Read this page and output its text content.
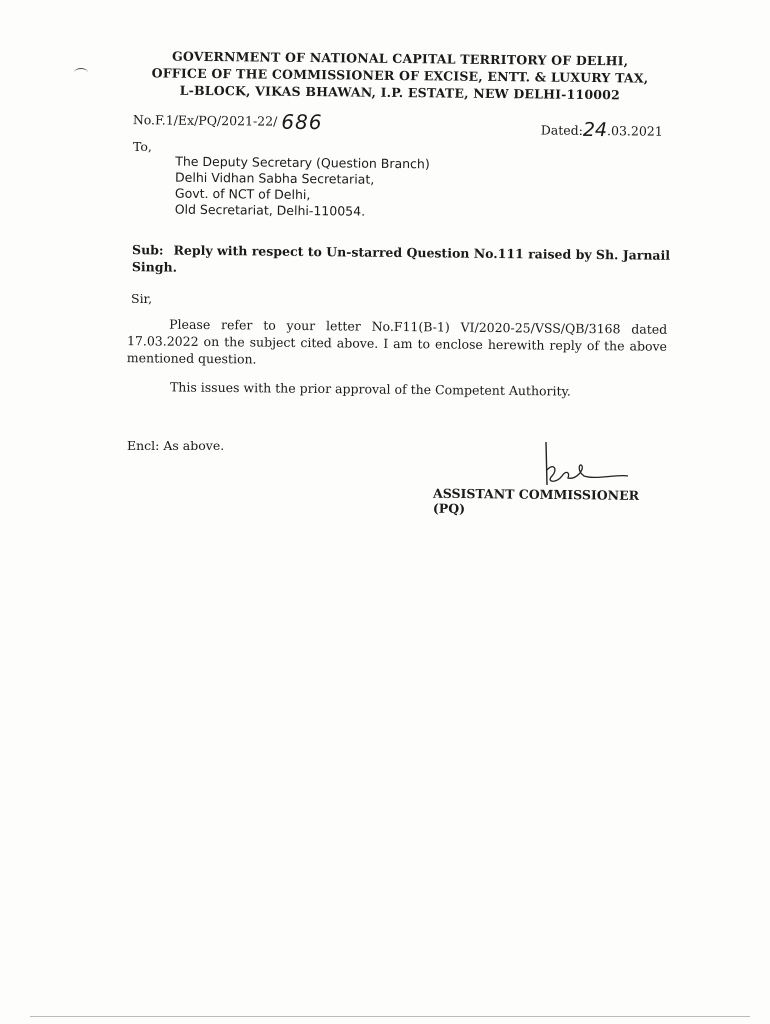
GOVERNMENT OF NATIONAL CAPITAL TERRITORY OF DELHI,
OFFICE OF THE COMMISSIONER OF EXCISE, ENTT. & LUXURY TAX,
L-BLOCK, VIKAS BHAWAN, I.P. ESTATE, NEW DELHI-110002
No.F.1/Ex/PQ/2021-22/ 686	Dated:24.03.2021
To,
The Deputy Secretary (Question Branch)
Delhi Vidhan Sabha Secretariat,
Govt. of NCT of Delhi,
Old Secretariat, Delhi-110054.
Sub: Reply with respect to Un-starred Question No.111 raised by Sh. Jarnail Singh.
Sir,
Please refer to your letter No.F11(B-1) VI/2020-25/VSS/QB/3168 dated 17.03.2022 on the subject cited above. I am to enclose herewith reply of the above mentioned question.
This issues with the prior approval of the Competent Authority.
Encl: As above.
ASSISTANT COMMISSIONER (PQ)
